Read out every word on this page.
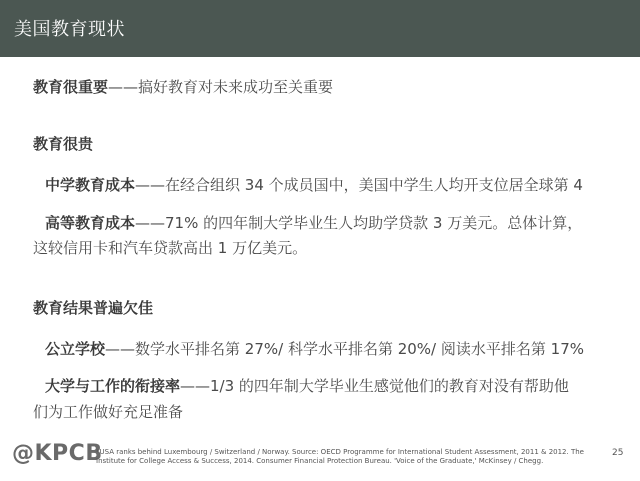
美国教育现状
教育很重要——搞好教育对未来成功至关重要
教育很贵
中学教育成本——在经合组织 34 个成员国中，美国中学生人均开支位居全球第 4
高等教育成本——71% 的四年制大学毕业生人均助学贷款 3 万美元。总体计算，
这较信用卡和汽车贷款高出 1 万亿美元。
教育结果普遍欠佳
公立学校——数学水平排名第 27%/ 科学水平排名第 20%/ 阅读水平排名第 17%
大学与工作的衔接率——1/3 的四年制大学毕业生感觉他们的教育对没有帮助他
们为工作做好充足准备
@KPCB
*USA ranks behind Luxembourg / Switzerland / Norway. Source: OECD Programme for International Student Assessment, 2011 & 2012. The Institute for College Access & Success, 2014. Consumer Financial Protection Bureau. 'Voice of the Graduate,' McKinsey / Chegg.
25
